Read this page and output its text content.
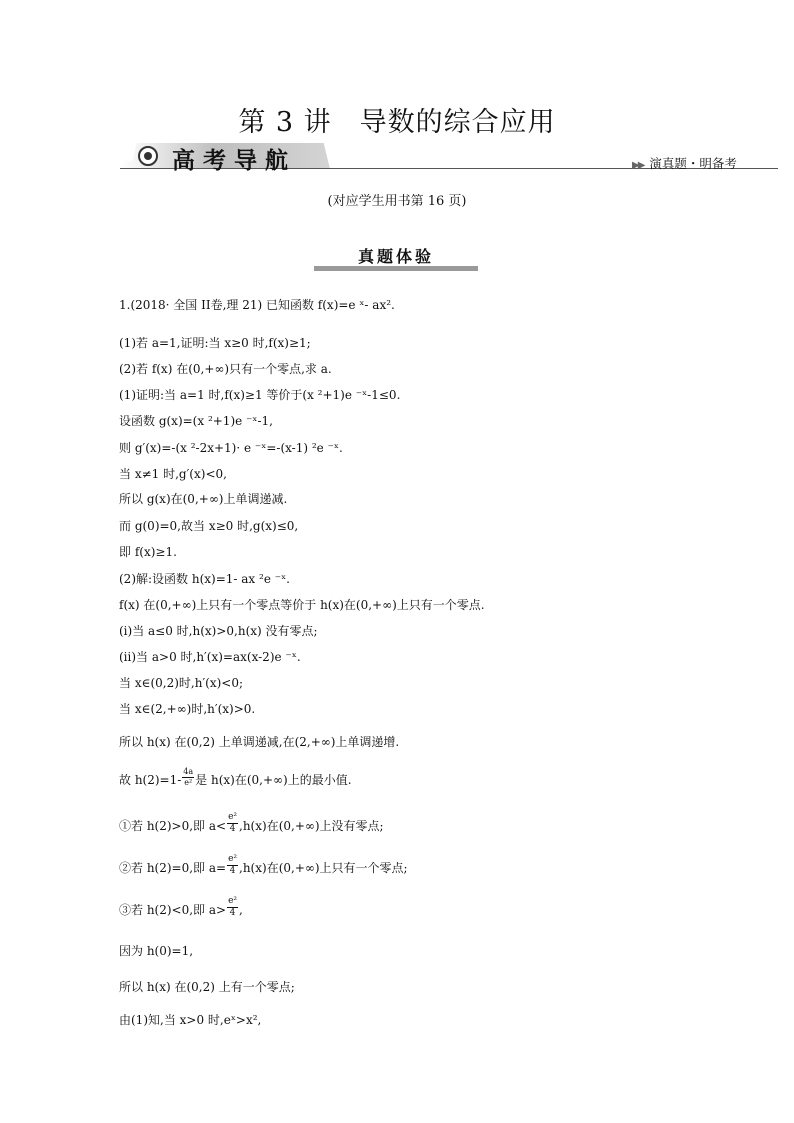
第 3 讲　导数的综合应用
高考导航	▶▶ 演真题・明备考
(对应学生用书第 16 页)
真题体验
1.(2018· 全国 II卷,理 21) 已知函数 f(x)=e ˣ- ax².
(1)若 a=1,证明:当 x≥0 时,f(x)≥1;
(2)若 f(x) 在(0,+∞)只有一个零点,求 a.
(1)证明:当 a=1 时,f(x)≥1 等价于(x ²+1)e ⁻ˣ-1≤0.
设函数 g(x)=(x ²+1)e ⁻ˣ-1,
则 g′(x)=-(x ²-2x+1)· e ⁻ˣ=-(x-1) ²e ⁻ˣ.
当 x≠1 时,g′(x)<0,
所以 g(x)在(0,+∞)上单调递减.
而 g(0)=0,故当 x≥0 时,g(x)≤0,
即 f(x)≥1.
(2)解:设函数 h(x)=1- ax ²e ⁻ˣ.
f(x) 在(0,+∞)上只有一个零点等价于 h(x)在(0,+∞)上只有一个零点.
(ⅰ)当 a≤0 时,h(x)>0,h(x) 没有零点;
(ⅱ)当 a>0 时,h′(x)=ax(x-2)e ⁻ˣ.
当 x∈(0,2)时,h′(x)<0;
当 x∈(2,+∞)时,h′(x)>0.
所以 h(x) 在(0,2) 上单调递减,在(2,+∞)上单调递增.
故 $h(2)=1- \frac{4a}{\text{e²}}$ 是 h(x)在(0,+∞)上的最小值.
①若 h(2)>0,即 $a< \frac{\text{e²}}{4} ,h(x)$在(0,+∞)上没有零点;
②若 h(2)=0,即 $a= \frac{\text{e²}}{4} ,h(x)$在(0,+∞)上只有一个零点;
③若 h(2)<0,即 $a> \frac{\text{e²}}{4}$ ,
因为 h(0)=1,
所以 h(x) 在(0,2) 上有一个零点;
由(1)知,当 x>0 时,eˣ>x²,
